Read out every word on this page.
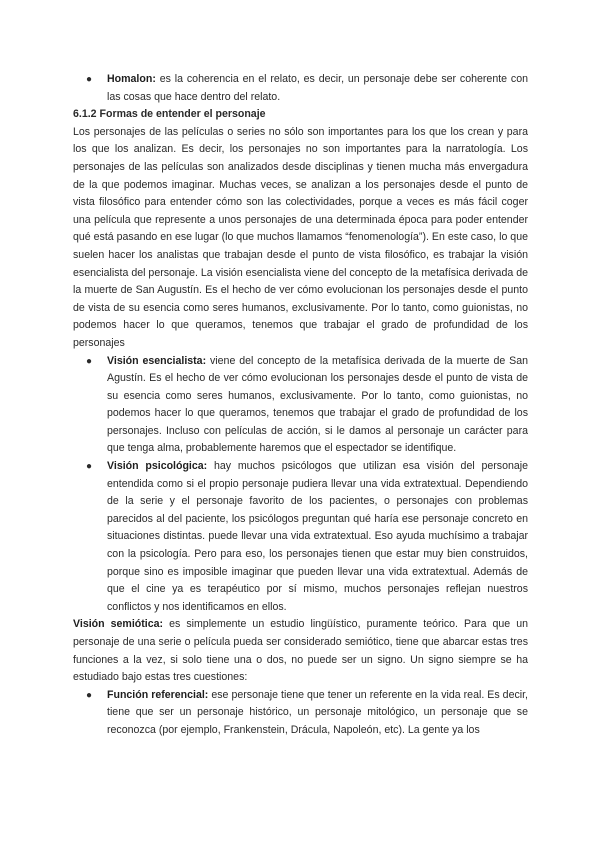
● Homalon: es la coherencia en el relato, es decir, un personaje debe ser coherente con las cosas que hace dentro del relato.

6.1.2 Formas de entender el personaje

Los personajes de las películas o series no sólo son importantes para los que los crean y para los que los analizan. Es decir, los personajes no son importantes para la narratología. Los personajes de las películas son analizados desde disciplinas y tienen mucha más envergadura de la que podemos imaginar. Muchas veces, se analizan a los personajes desde el punto de vista filosófico para entender cómo son las colectividades, porque a veces es más fácil coger una película que represente a unos personajes de una determinada época para poder entender qué está pasando en ese lugar (lo que muchos llamamos “fenomenología”). En este caso, lo que suelen hacer los analistas que trabajan desde el punto de vista filosófico, es trabajar la visión esencialista del personaje. La visión esencialista viene del concepto de la metafísica derivada de la muerte de San Augustín. Es el hecho de ver cómo evolucionan los personajes desde el punto de vista de su esencia como seres humanos, exclusivamente. Por lo tanto, como guionistas, no podemos hacer lo que queramos, tenemos que trabajar el grado de profundidad de los personajes

● Visión esencialista: viene del concepto de la metafísica derivada de la muerte de San Agustín. Es el hecho de ver cómo evolucionan los personajes desde el punto de vista de su esencia como seres humanos, exclusivamente. Por lo tanto, como guionistas, no podemos hacer lo que queramos, tenemos que trabajar el grado de profundidad de los personajes. Incluso con películas de acción, si le damos al personaje un carácter para que tenga alma, probablemente haremos que el espectador se identifique.
● Visión psicológica: hay muchos psicólogos que utilizan esa visión del personaje entendida como si el propio personaje pudiera llevar una vida extratextual. Dependiendo de la serie y el personaje favorito de los pacientes, o personajes con problemas parecidos al del paciente, los psicólogos preguntan qué haría ese personaje concreto en situaciones distintas. puede llevar una vida extratextual. Eso ayuda muchísimo a trabajar con la psicología. Pero para eso, los personajes tienen que estar muy bien construidos, porque sino es imposible imaginar que pueden llevar una vida extratextual. Además de que el cine ya es terapéutico por sí mismo, muchos personajes reflejan nuestros conflictos y nos identificamos en ellos.

Visión semiótica: es simplemente un estudio lingüístico, puramente teórico. Para que un personaje de una serie o película pueda ser considerado semiótico, tiene que abarcar estas tres funciones a la vez, si solo tiene una o dos, no puede ser un signo. Un signo siempre se ha estudiado bajo estas tres cuestiones:

● Función referencial: ese personaje tiene que tener un referente en la vida real. Es decir, tiene que ser un personaje histórico, un personaje mitológico, un personaje que se reconozca (por ejemplo, Frankenstein, Drácula, Napoleón, etc). La gente ya los
